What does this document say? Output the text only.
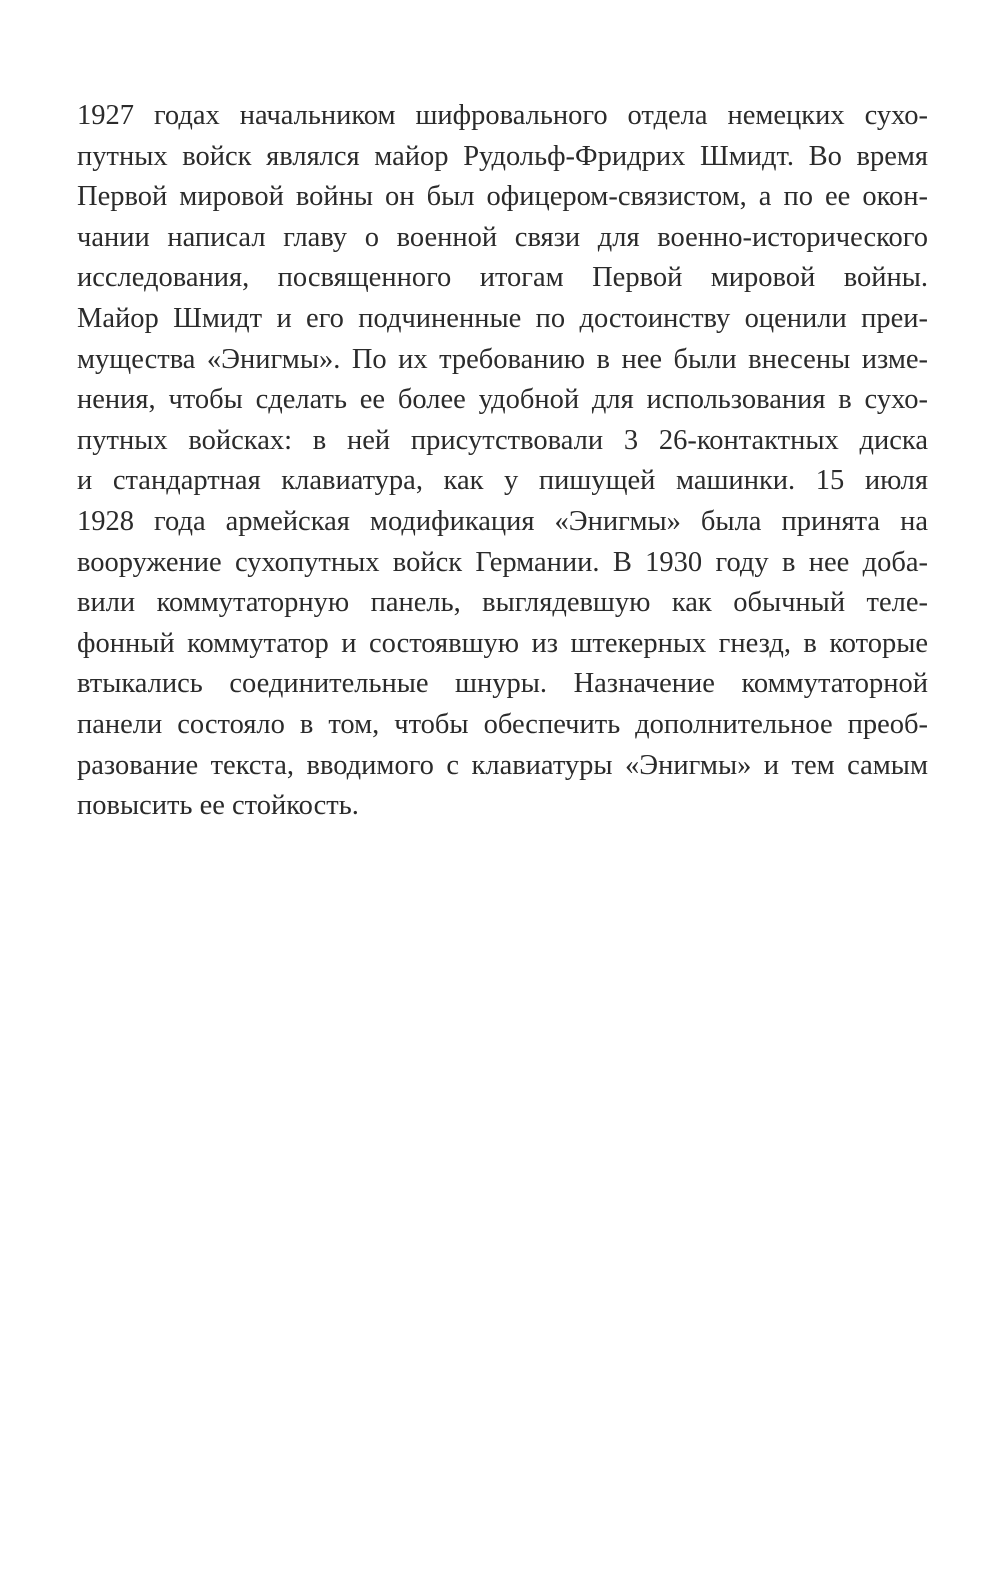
1927 годах начальником шифровального отдела немецких сухо-
путных войск являлся майор Рудольф-Фридрих Шмидт. Во время
Первой мировой войны он был офицером-связистом, а по ее окон-
чании написал главу о военной связи для военно-исторического
исследования, посвященного итогам Первой мировой войны.
Майор Шмидт и его подчиненные по достоинству оценили преи-
мущества «Энигмы». По их требованию в нее были внесены изме-
нения, чтобы сделать ее более удобной для использования в сухо-
путных войсках: в ней присутствовали 3 26-контактных диска
и стандартная клавиатура, как у пишущей машинки. 15 июля
1928 года армейская модификация «Энигмы» была принята на
вооружение сухопутных войск Германии. В 1930 году в нее доба-
вили коммутаторную панель, выглядевшую как обычный теле-
фонный коммутатор и состоявшую из штекерных гнезд, в которые
втыкались соединительные шнуры. Назначение коммутаторной
панели состояло в том, чтобы обеспечить дополнительное преоб-
разование текста, вводимого с клавиатуры «Энигмы» и тем самым
повысить ее стойкость.
